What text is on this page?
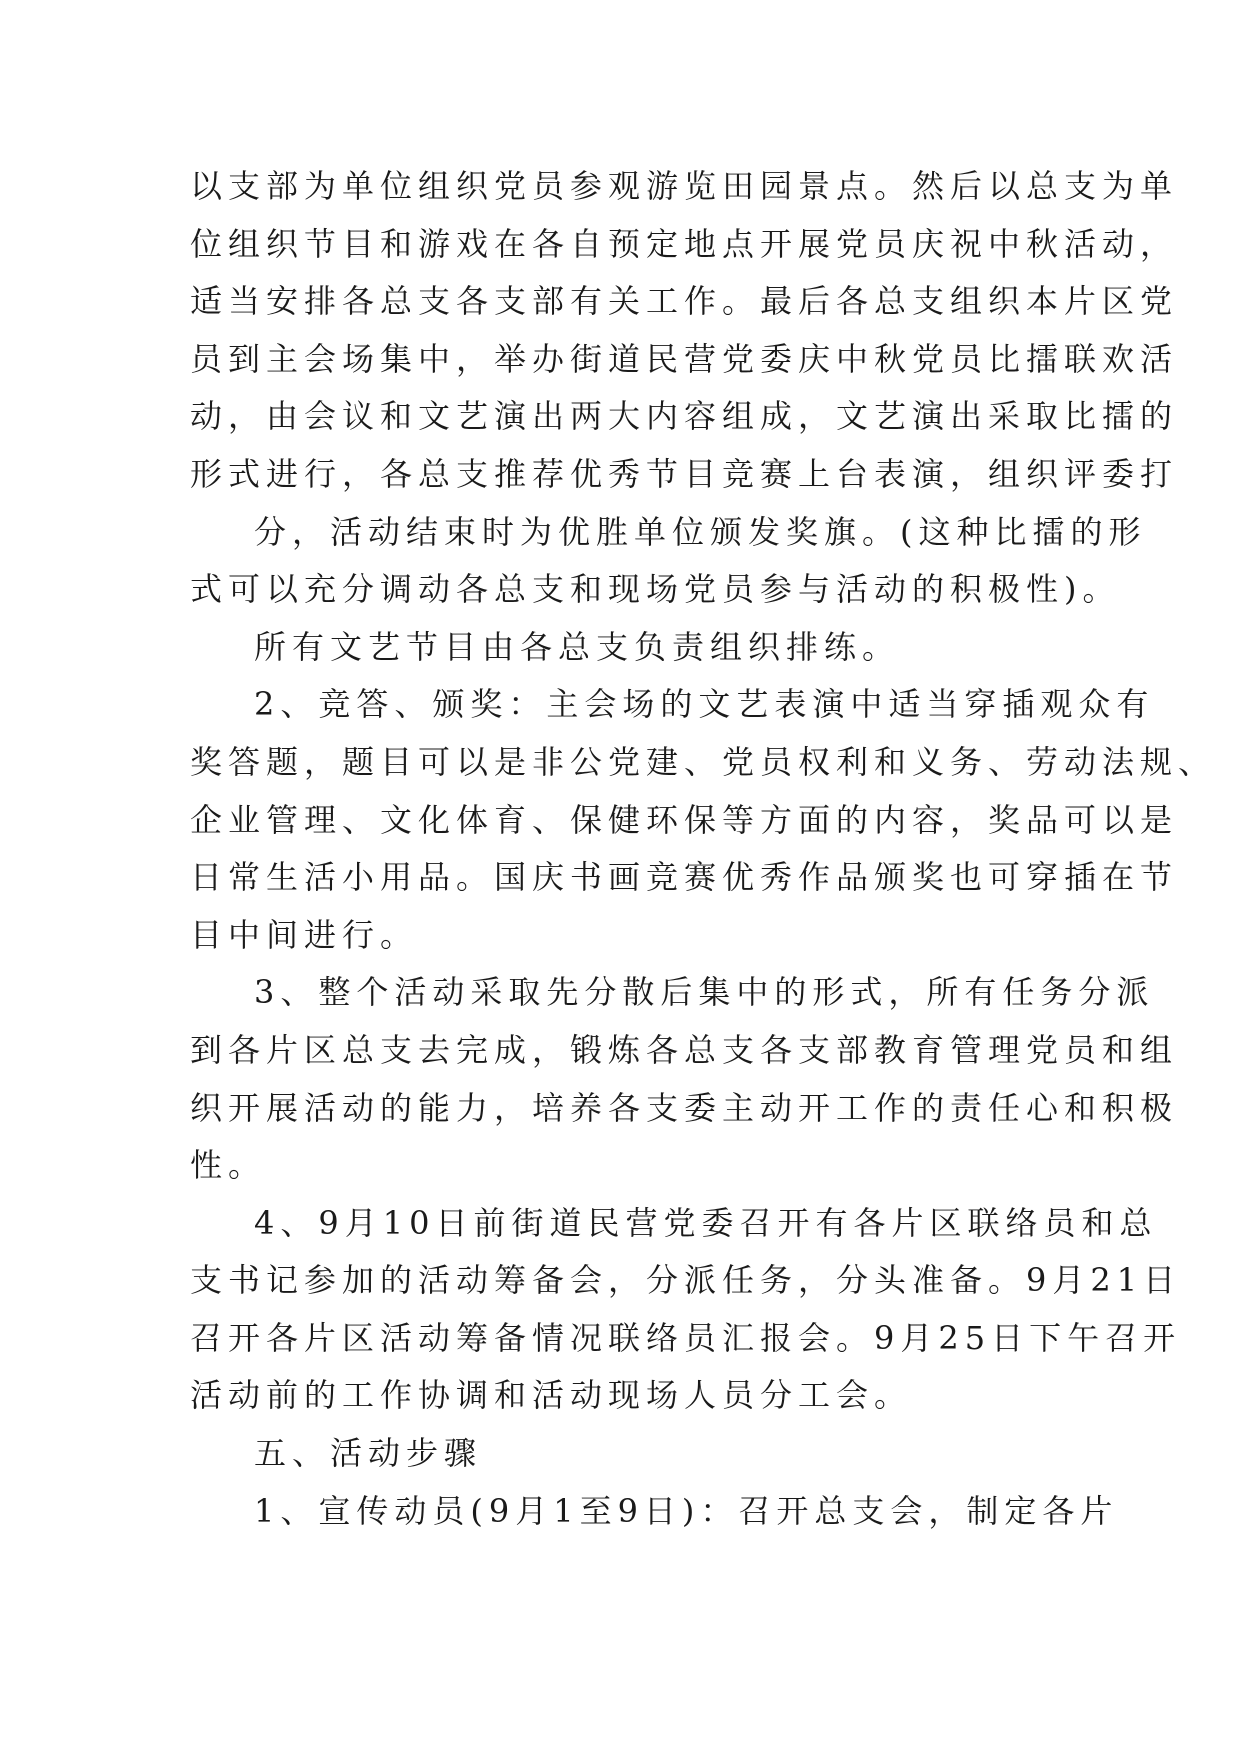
以支部为单位组织党员参观游览田园景点。然后以总支为单
位组织节目和游戏在各自预定地点开展党员庆祝中秋活动，
适当安排各总支各支部有关工作。最后各总支组织本片区党
员到主会场集中，举办街道民营党委庆中秋党员比擂联欢活
动，由会议和文艺演出两大内容组成，文艺演出采取比擂的
形式进行，各总支推荐优秀节目竞赛上台表演，组织评委打
分，活动结束时为优胜单位颁发奖旗。(这种比擂的形
式可以充分调动各总支和现场党员参与活动的积极性)。
所有文艺节目由各总支负责组织排练。
2、竞答、颁奖：主会场的文艺表演中适当穿插观众有
奖答题，题目可以是非公党建、党员权利和义务、劳动法规、
企业管理、文化体育、保健环保等方面的内容，奖品可以是
日常生活小用品。国庆书画竞赛优秀作品颁奖也可穿插在节
目中间进行。
3、整个活动采取先分散后集中的形式，所有任务分派
到各片区总支去完成，锻炼各总支各支部教育管理党员和组
织开展活动的能力，培养各支委主动开工作的责任心和积极
性。
4、9月10日前街道民营党委召开有各片区联络员和总
支书记参加的活动筹备会，分派任务，分头准备。9月21日
召开各片区活动筹备情况联络员汇报会。9月25日下午召开
活动前的工作协调和活动现场人员分工会。
五、活动步骤
1、宣传动员(9月1至9日)：召开总支会，制定各片
